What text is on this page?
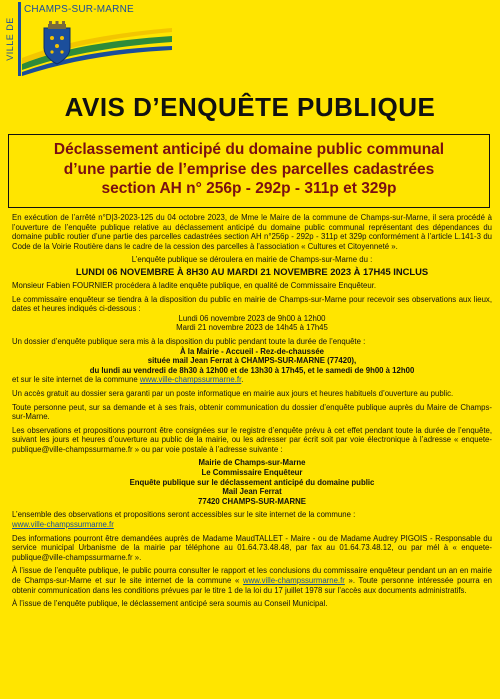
VILLE DE
CHAMPS-SUR-MARNE
AVIS D’ENQUÊTE PUBLIQUE
Déclassement anticipé du domaine public communal
d’une partie de l’emprise des parcelles cadastrées
section AH n° 256p - 292p - 311p et 329p

En exécution de l’arrêté n°D|3-2023-125 du 04 octobre 2023, de Mme le Maire de la commune de Champs-sur-Marne, il sera procédé à l’ouverture de l’enquête publique relative au déclassement anticipé du domaine public communal représentant des dépendances du domaine public routier d’une partie des parcelles cadastrées section AH n°256p - 292p - 311p et 329p conformément à l’article L.141-3 du Code de la Voirie Routière dans le cadre de la cession des parcelles à l’association « Cultures et Citoyenneté ».

L’enquête publique se déroulera en mairie de Champs-sur-Marne du :

LUNDI 06 NOVEMBRE À 8H30 AU MARDI 21 NOVEMBRE 2023 À 17H45 INCLUS

Monsieur Fabien FOURNIER procédera à ladite enquête publique, en qualité de Commissaire Enquêteur.

Le commissaire enquêteur se tiendra à la disposition du public en mairie de Champs-sur-Marne pour recevoir ses observations aux lieux, dates et heures indiqués ci-dessous :

Lundi 06 novembre 2023 de 9h00 à 12h00

Mardi 21 novembre 2023 de 14h45 à 17h45

Un dossier d’enquête publique sera mis à la disposition du public pendant toute la durée de l’enquête :

À la Mairie - Accueil - Rez-de-chaussée

située mail Jean Ferrat à CHAMPS-SUR-MARNE (77420),

du lundi au vendredi de 8h30 à 12h00 et de 13h30 à 17h45, et le samedi de 9h00 à 12h00

et sur le site internet de la commune www.ville-champssurmarne.fr.

Un accès gratuit au dossier sera garanti par un poste informatique en mairie aux jours et heures habituels d’ouverture au public.

Toute personne peut, sur sa demande et à ses frais, obtenir communication du dossier d’enquête publique auprès du Maire de Champs-sur-Marne.

Les observations et propositions pourront être consignées sur le registre d’enquête prévu à cet effet pendant toute la durée de l’enquête, suivant les jours et heures d’ouverture au public de la mairie, ou les adresser par écrit soit par voie électronique à l’adresse « enquete-publique@ville-champssurmarne.fr » ou par voie postale à l’adresse suivante :

Mairie de Champs-sur-Marne

Le Commissaire Enquêteur

Enquête publique sur le déclassement anticipé du domaine public

Mail Jean Ferrat

77420 CHAMPS-SUR-MARNE

L’ensemble des observations et propositions seront accessibles sur le site internet de la commune :

www.ville-champssurmarne.fr

Des informations pourront être demandées auprès de Madame MaudTALLET - Maire - ou de Madame Audrey PIGOIS - Responsable du service municipal Urbanisme de la mairie par téléphone au 01.64.73.48.48, par fax au 01.64.73.48.12, ou par mél à « enquete-publique@ville-champssurmarne.fr ».

À l’issue de l’enquête publique, le public pourra consulter le rapport et les conclusions du commissaire enquêteur pendant un an en mairie de Champs-sur-Marne et sur le site internet de la commune « www.ville-champssurmarne.fr ». Toute personne intéressée pourra en obtenir communication dans les conditions prévues par le titre 1 de la loi du 17 juillet 1978 sur l’accès aux documents administratifs.

À l’issue de l’enquête publique, le déclassement anticipé sera soumis au Conseil Municipal.
